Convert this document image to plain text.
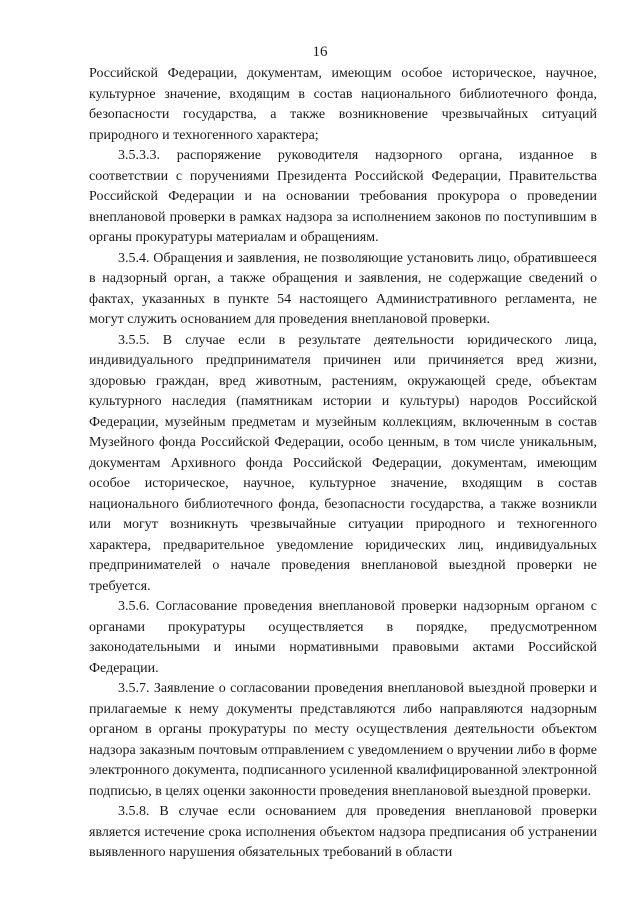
16

Российской Федерации, документам, имеющим особое историческое, научное, культурное значение, входящим в состав национального библиотечного фонда, безопасности государства, а также возникновение чрезвычайных ситуаций природного и техногенного характера;

3.5.3.3. распоряжение руководителя надзорного органа, изданное в соответствии с поручениями Президента Российской Федерации, Правительства Российской Федерации и на основании требования прокурора о проведении внеплановой проверки в рамках надзора за исполнением законов по поступившим в органы прокуратуры материалам и обращениям.

3.5.4. Обращения и заявления, не позволяющие установить лицо, обратившееся в надзорный орган, а также обращения и заявления, не содержащие сведений о фактах, указанных в пункте 54 настоящего Административного регламента, не могут служить основанием для проведения внеплановой проверки.

3.5.5. В случае если в результате деятельности юридического лица, индивидуального предпринимателя причинен или причиняется вред жизни, здоровью граждан, вред животным, растениям, окружающей среде, объектам культурного наследия (памятникам истории и культуры) народов Российской Федерации, музейным предметам и музейным коллекциям, включенным в состав Музейного фонда Российской Федерации, особо ценным, в том числе уникальным, документам Архивного фонда Российской Федерации, документам, имеющим особое историческое, научное, культурное значение, входящим в состав национального библиотечного фонда, безопасности государства, а также возникли или могут возникнуть чрезвычайные ситуации природного и техногенного характера, предварительное уведомление юридических лиц, индивидуальных предпринимателей о начале проведения внеплановой выездной проверки не требуется.

3.5.6. Согласование проведения внеплановой проверки надзорным органом с органами прокуратуры осуществляется в порядке, предусмотренном законодательными и иными нормативными правовыми актами Российской Федерации.

3.5.7. Заявление о согласовании проведения внеплановой выездной проверки и прилагаемые к нему документы представляются либо направляются надзорным органом в органы прокуратуры по месту осуществления деятельности объектом надзора заказным почтовым отправлением с уведомлением о вручении либо в форме электронного документа, подписанного усиленной квалифицированной электронной подписью, в целях оценки законности проведения внеплановой выездной проверки.

3.5.8. В случае если основанием для проведения внеплановой проверки является истечение срока исполнения объектом надзора предписания об устранении выявленного нарушения обязательных требований в области
